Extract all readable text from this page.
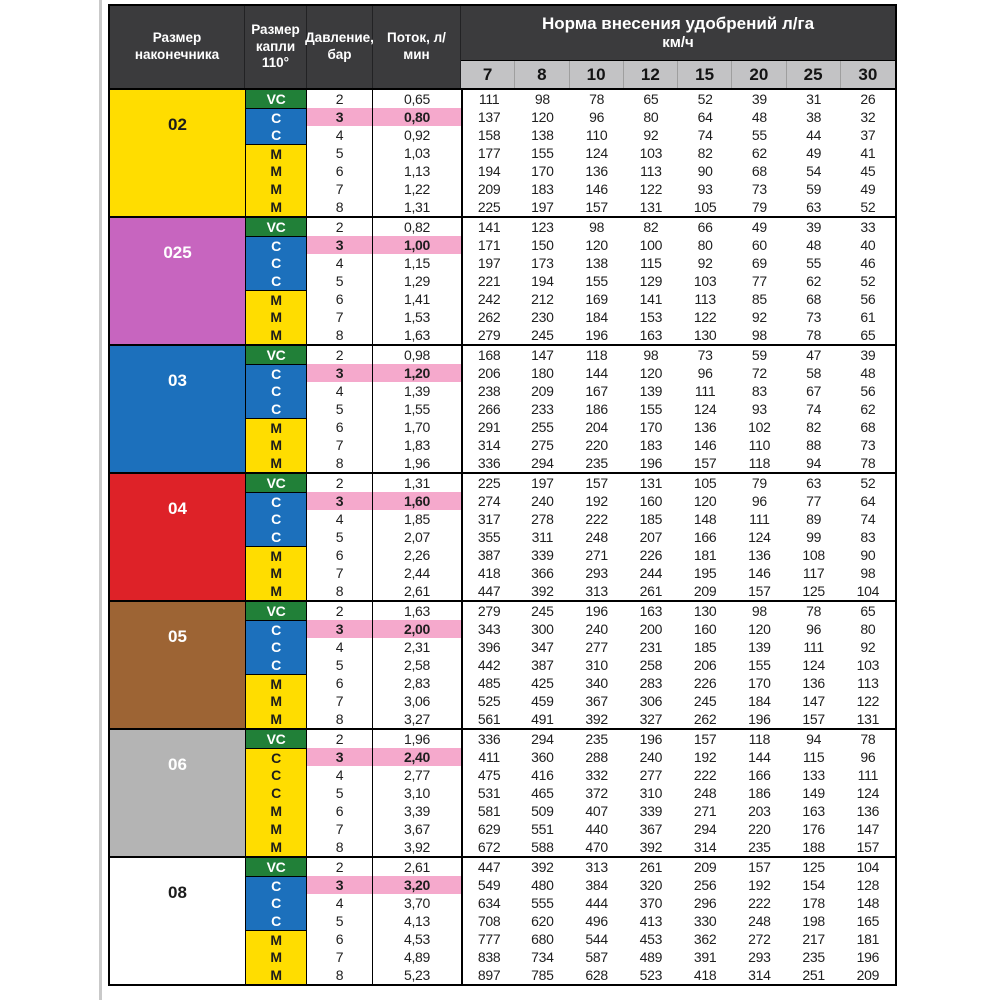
Размер наконечника
Размер капли 110°
Давление, бар
Поток, л/мин
Норма внесения удобрений л/га
км/ч
7	8	10	12	15	20	25	30
02
VC	2	0,65	111	98	78	65	52	39	31	26
C	3	0,80	137	120	96	80	64	48	38	32
C	4	0,92	158	138	110	92	74	55	44	37
M	5	1,03	177	155	124	103	82	62	49	41
M	6	1,13	194	170	136	113	90	68	54	45
M	7	1,22	209	183	146	122	93	73	59	49
M	8	1,31	225	197	157	131	105	79	63	52
025
VC	2	0,82	141	123	98	82	66	49	39	33
C	3	1,00	171	150	120	100	80	60	48	40
C	4	1,15	197	173	138	115	92	69	55	46
C	5	1,29	221	194	155	129	103	77	62	52
M	6	1,41	242	212	169	141	113	85	68	56
M	7	1,53	262	230	184	153	122	92	73	61
M	8	1,63	279	245	196	163	130	98	78	65
03
VC	2	0,98	168	147	118	98	73	59	47	39
C	3	1,20	206	180	144	120	96	72	58	48
C	4	1,39	238	209	167	139	111	83	67	56
C	5	1,55	266	233	186	155	124	93	74	62
M	6	1,70	291	255	204	170	136	102	82	68
M	7	1,83	314	275	220	183	146	110	88	73
M	8	1,96	336	294	235	196	157	118	94	78
04
VC	2	1,31	225	197	157	131	105	79	63	52
C	3	1,60	274	240	192	160	120	96	77	64
C	4	1,85	317	278	222	185	148	111	89	74
C	5	2,07	355	311	248	207	166	124	99	83
M	6	2,26	387	339	271	226	181	136	108	90
M	7	2,44	418	366	293	244	195	146	117	98
M	8	2,61	447	392	313	261	209	157	125	104
05
VC	2	1,63	279	245	196	163	130	98	78	65
C	3	2,00	343	300	240	200	160	120	96	80
C	4	2,31	396	347	277	231	185	139	111	92
C	5	2,58	442	387	310	258	206	155	124	103
M	6	2,83	485	425	340	283	226	170	136	113
M	7	3,06	525	459	367	306	245	184	147	122
M	8	3,27	561	491	392	327	262	196	157	131
06
VC	2	1,96	336	294	235	196	157	118	94	78
C	3	2,40	411	360	288	240	192	144	115	96
C	4	2,77	475	416	332	277	222	166	133	111
C	5	3,10	531	465	372	310	248	186	149	124
M	6	3,39	581	509	407	339	271	203	163	136
M	7	3,67	629	551	440	367	294	220	176	147
M	8	3,92	672	588	470	392	314	235	188	157
08
VC	2	2,61	447	392	313	261	209	157	125	104
C	3	3,20	549	480	384	320	256	192	154	128
C	4	3,70	634	555	444	370	296	222	178	148
C	5	4,13	708	620	496	413	330	248	198	165
M	6	4,53	777	680	544	453	362	272	217	181
M	7	4,89	838	734	587	489	391	293	235	196
M	8	5,23	897	785	628	523	418	314	251	209
